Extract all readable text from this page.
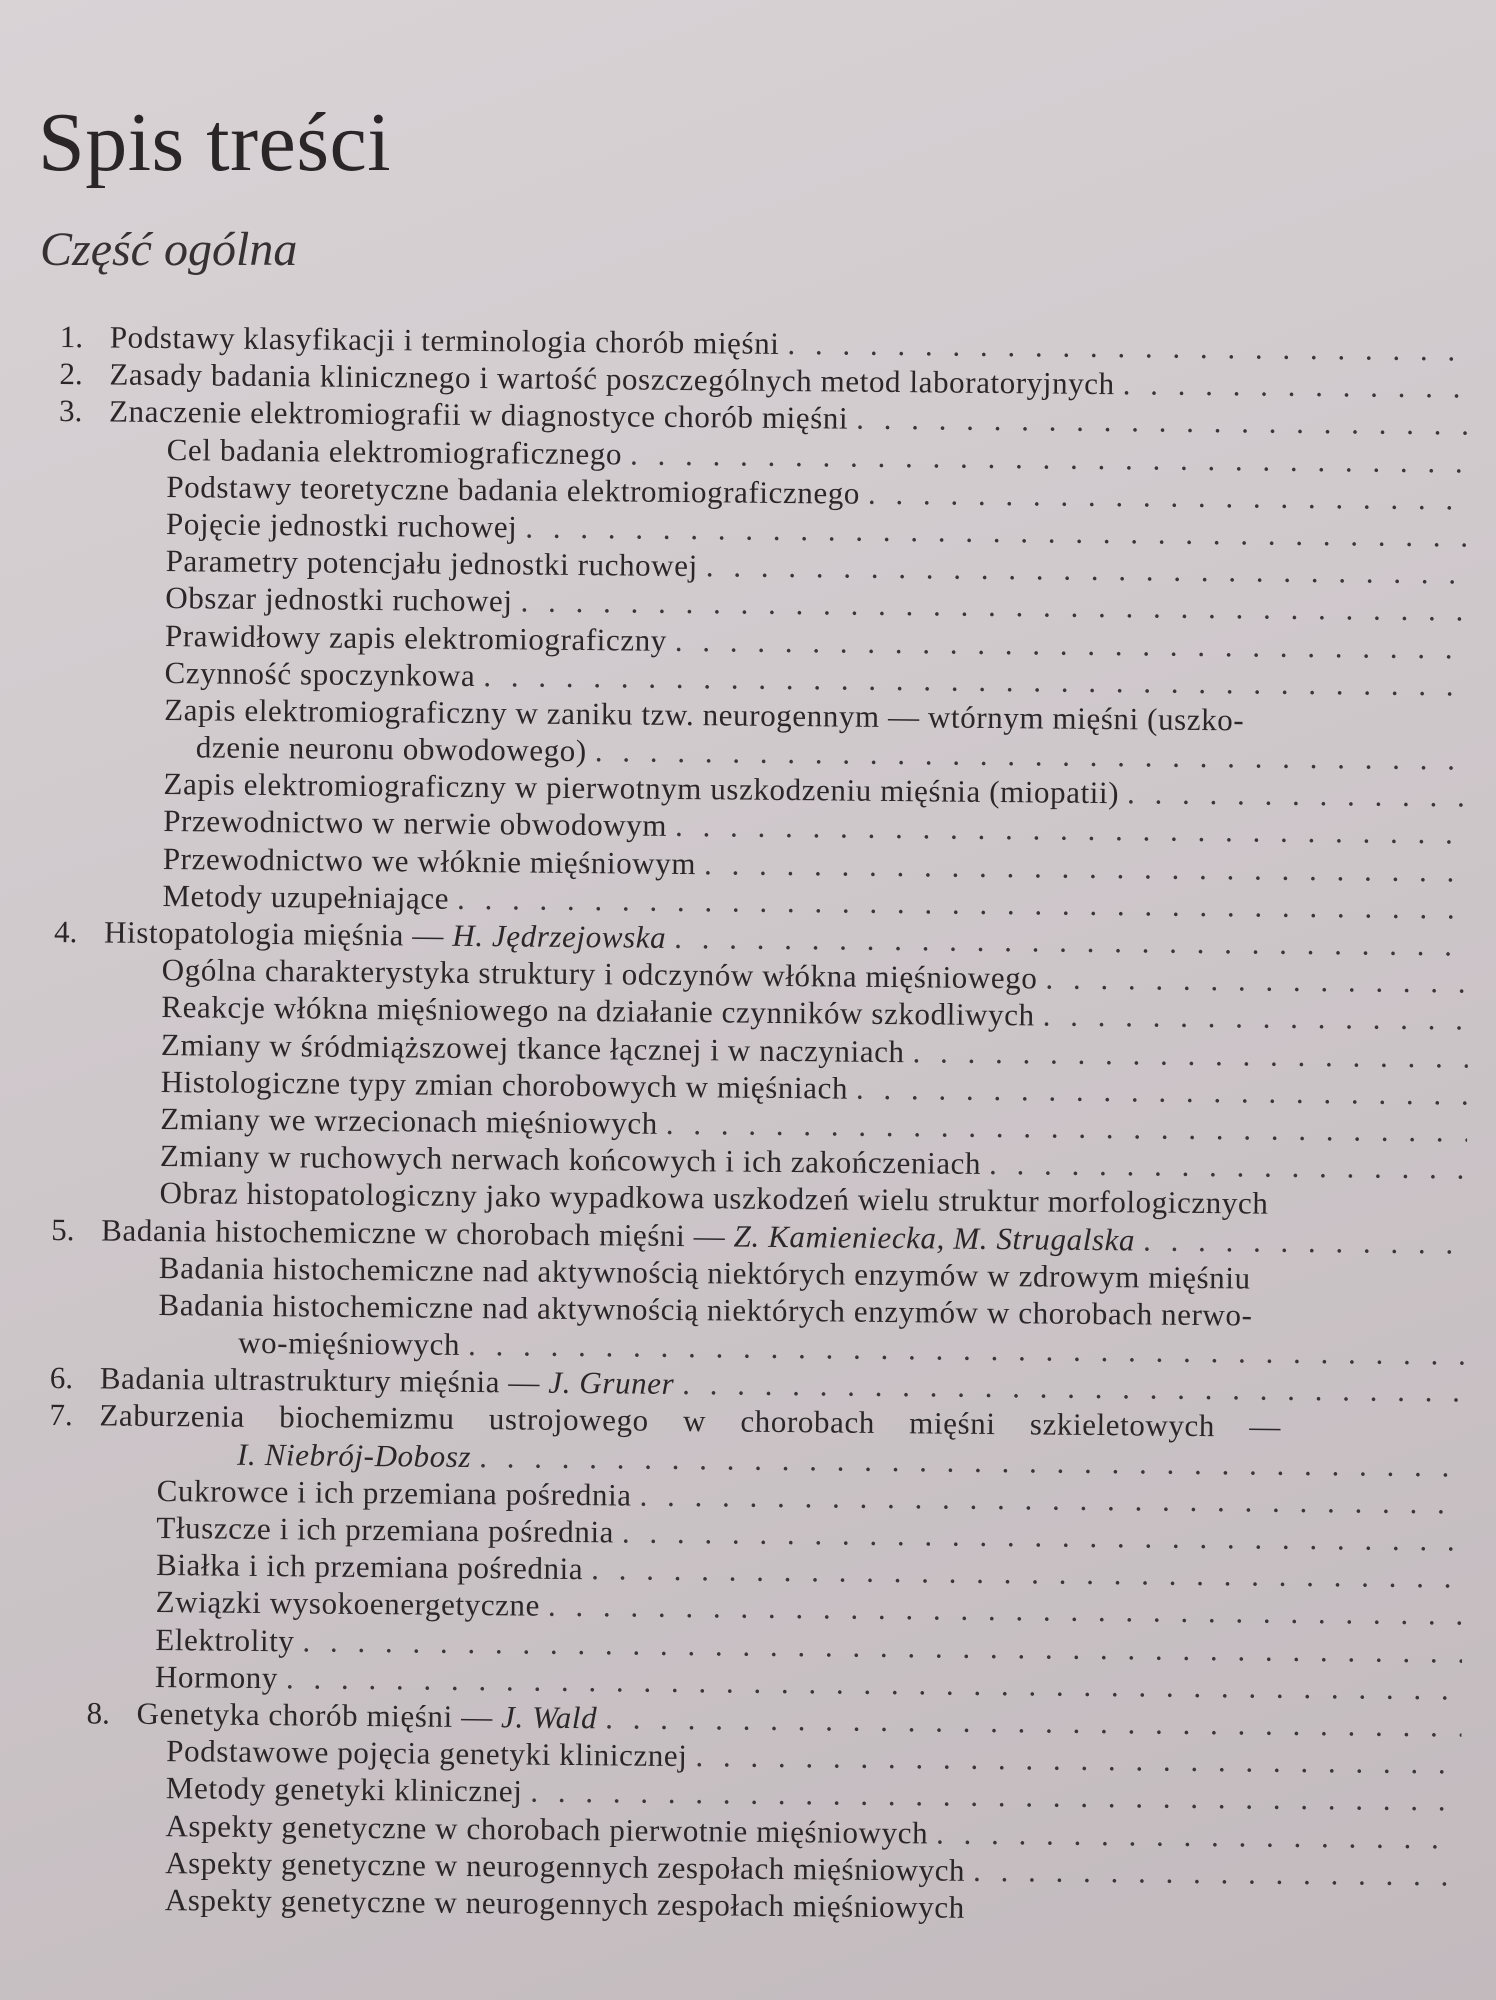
Spis treści
Część ogólna
1. Podstawy klasyfikacji i terminologia chorób mięśni
. . .
2. Zasady badania klinicznego i wartość poszczególnych metod laboratoryjnych
. . .
3. Znaczenie elektromiografii w diagnostyce chorób mięśni
. . .
Cel badania elektromiograficznego
. . .
Podstawy teoretyczne badania elektromiograficznego
. . .
Pojęcie jednostki ruchowej
. . .
Parametry potencjału jednostki ruchowej
. . .
Obszar jednostki ruchowej
. . .
Prawidłowy zapis elektromiograficzny
. . .
Czynność spoczynkowa
. . .
Zapis elektromiograficzny w zaniku tzw. neurogennym — wtórnym mięśni (uszko-
dzenie neuronu obwodowego)
. . .
Zapis elektromiograficzny w pierwotnym uszkodzeniu mięśnia (miopatii)
. . .
Przewodnictwo w nerwie obwodowym
. . .
Przewodnictwo we włóknie mięśniowym
. . .
Metody uzupełniające
. . .
4. Histopatologia mięśnia — H. Jędrzejowska
. . .
Ogólna charakterystyka struktury i odczynów włókna mięśniowego
. . .
Reakcje włókna mięśniowego na działanie czynników szkodliwych
. . .
Zmiany w śródmiąższowej tkance łącznej i w naczyniach
. . .
Histologiczne typy zmian chorobowych w mięśniach
. . .
Zmiany we wrzecionach mięśniowych
. . .
Zmiany w ruchowych nerwach końcowych i ich zakończeniach
. . .
Obraz histopatologiczny jako wypadkowa uszkodzeń wielu struktur morfologicznych
5. Badania histochemiczne w chorobach mięśni — Z. Kamieniecka, M. Strugalska
. . .
Badania histochemiczne nad aktywnością niektórych enzymów w zdrowym mięśniu
Badania histochemiczne nad aktywnością niektórych enzymów w chorobach nerwo-
wo-mięśniowych
. . .
6. Badania ultrastruktury mięśnia — J. Gruner
. . .
7. Zaburzenia biochemizmu ustrojowego w chorobach mięśni szkieletowych —
I. Niebrój-Dobosz
. . .
Cukrowce i ich przemiana pośrednia
. . .
Tłuszcze i ich przemiana pośrednia
. . .
Białka i ich przemiana pośrednia
. . .
Związki wysokoenergetyczne
. . .
Elektrolity
. . .
Hormony
. . .
8. Genetyka chorób mięśni — J. Wald
. . .
Podstawowe pojęcia genetyki klinicznej
. . .
Metody genetyki klinicznej
. . .
Aspekty genetyczne w chorobach pierwotnie mięśniowych
. . .
Aspekty genetyczne w neurogennych zespołach mięśniowych
. . .
Aspekty genetyczne w neurogennych zespołach mięśniowych
